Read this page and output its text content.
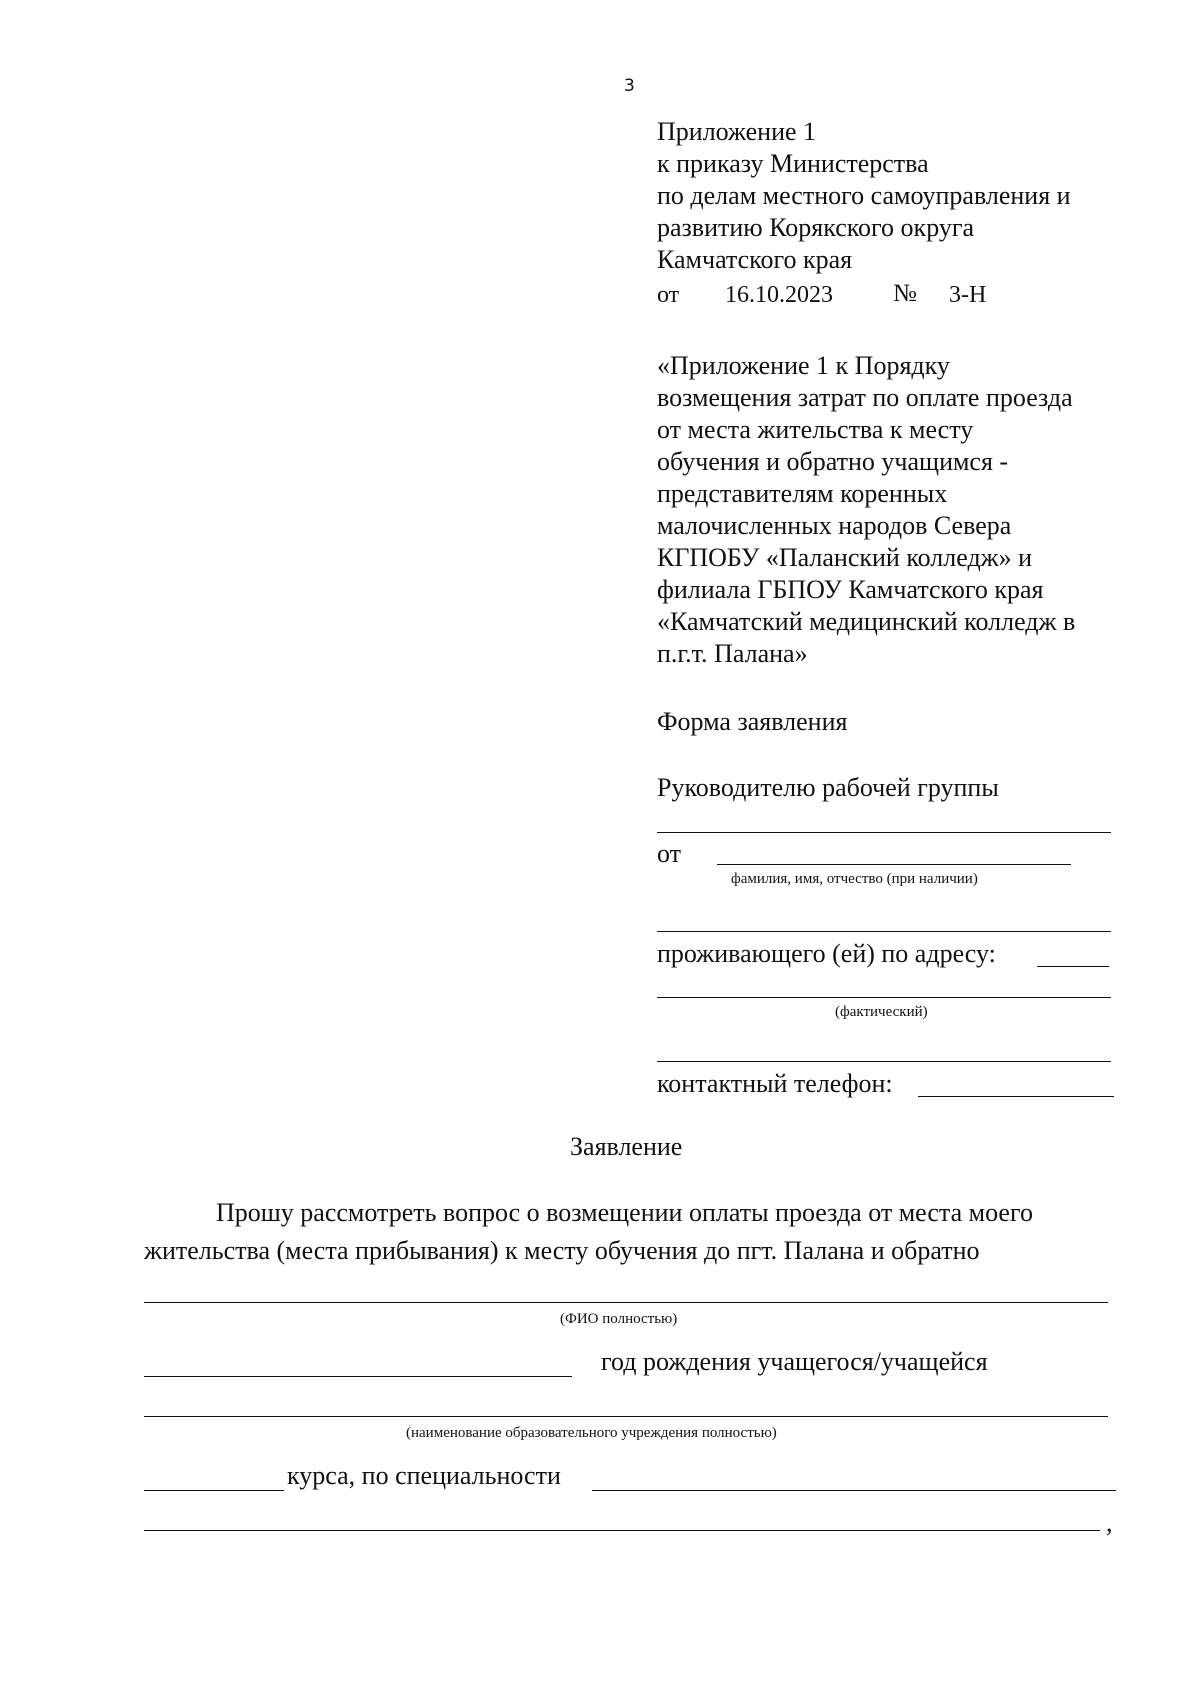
3
Приложение 1
к приказу Министерства
по делам местного самоуправления и
развитию Корякского округа
Камчатского края
от 16.10.2023 № 3-Н
«Приложение 1 к Порядку
возмещения затрат по оплате проезда
от места жительства к месту
обучения и обратно учащимся -
представителям коренных
малочисленных народов Севера
КГПОБУ «Паланский колледж» и
филиала ГБПОУ Камчатского края
«Камчатский медицинский колледж в
п.г.т. Палана»
Форма заявления
Руководителю рабочей группы
от
фамилия, имя, отчество (при наличии)
проживающего (ей) по адресу:
(фактический)
контактный телефон:
Заявление
Прошу рассмотреть вопрос о возмещении оплаты проезда от места моего
жительства (места прибывания) к месту обучения до пгт. Палана и обратно
(ФИО полностью)
год рождения учащегося/учащейся
(наименование образовательного учреждения полностью)
курса, по специальности
,
